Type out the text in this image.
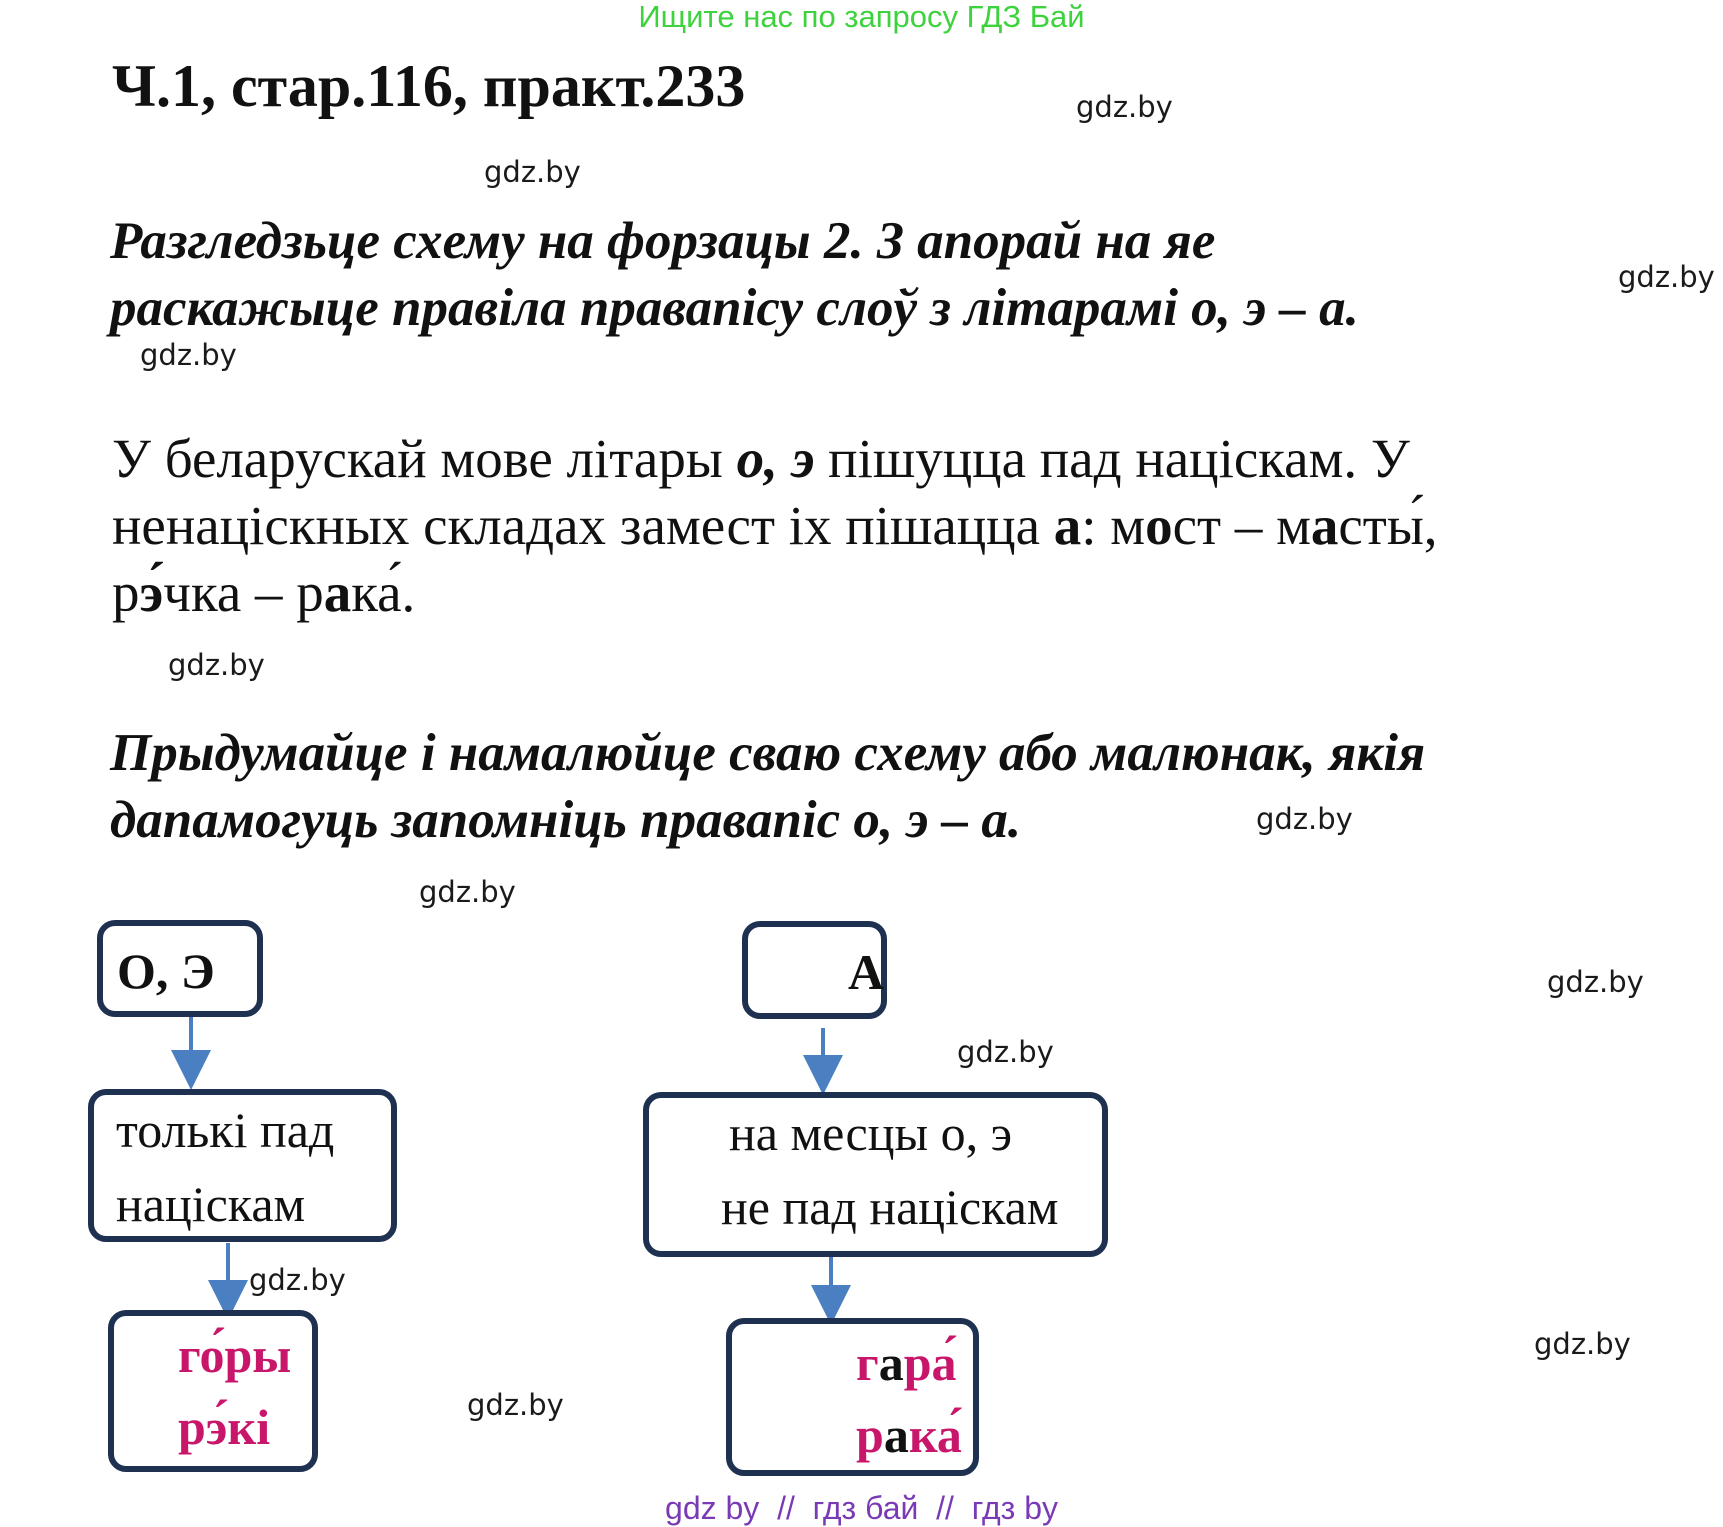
Ищите нас по запросу ГДЗ Бай
Ч.1, стар.116, практ.233	gdz.by
gdz.by
gdz.by
gdz.by
gdz.by
gdz.by
gdz.by
gdz.by
gdz.by
gdz.by
gdz.by
gdz.by
Разгледзьце схему на форзацы 2. З апорай на яе
раскажыце правіла правапісу слоў з літарамі о, э – а.
У беларускай мове літары о, э пішуцца пад націскам. У
ненаціскных складах замест іх пішацца а: мост – масты́,
рэ́чка – рака́.
Прыдумайце і намалюйце сваю схему або малюнак, якія
дапамогуць запомніць правапіс о, э – а.
О, Э
толькі пад
націскам
го́ры
рэ́кі
А
на месцы о, э
не пад націскам
гара́
рака́
gdz by  //  гдз бай  //  гдз by
